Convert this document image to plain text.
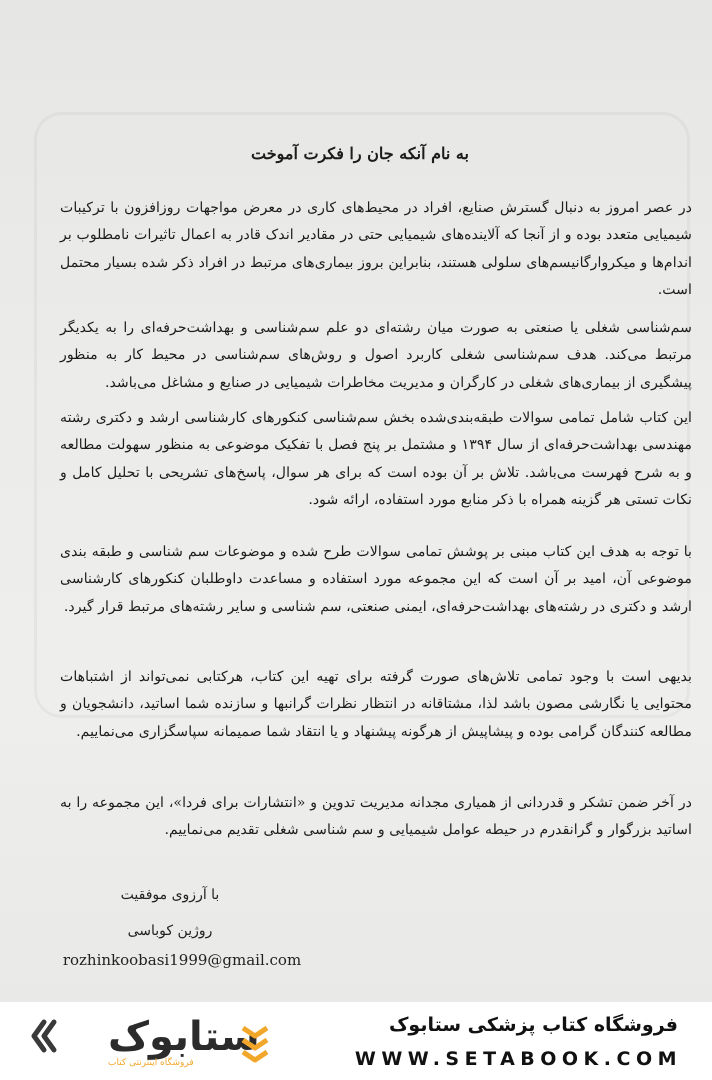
به نام آنکه جان را فکرت آموخت

در عصر امروز به دنبال گسترش صنایع، افراد در محیط‌های کاری در معرض مواجهات روزافزون با ترکیبات شیمیایی متعدد بوده و از آنجا که آلاینده‌های شیمیایی حتی در مقادیر اندک قادر به اعمال تاثیرات نامطلوب بر اندام‌ها و میکروارگانیسم‌های سلولی هستند، بنابراین بروز بیماری‌های مرتبط در افراد ذکر شده بسیار محتمل است.

سم‌شناسی شغلی یا صنعتی به صورت میان رشته‌ای دو علم سم‌شناسی و بهداشت‌حرفه‌ای را به یکدیگر مرتبط می‌کند. هدف سم‌شناسی شغلی کاربرد اصول و روش‌های سم‌شناسی در محیط کار به منظور پیشگیری از بیماری‌های شغلی در کارگران و مدیریت مخاطرات شیمیایی در صنایع و مشاغل می‌باشد.

این کتاب شامل تمامی سوالات طبقه‌بندی‌شده بخش سم‌شناسی کنکورهای کارشناسی ارشد و دکتری رشته مهندسی بهداشت‌حرفه‌ای از سال ۱۳۹۴ و مشتمل بر پنج فصل با تفکیک موضوعی به منظور سهولت مطالعه و به شرح فهرست می‌باشد. تلاش بر آن بوده است که برای هر سوال، پاسخ‌های تشریحی با تحلیل کامل و نکات تستی هر گزینه همراه با ذکر منابع مورد استفاده، ارائه شود.

با توجه به هدف این کتاب مبنی بر پوشش تمامی سوالات طرح شده و موضوعات سم شناسی و طبقه بندی موضوعی آن، امید بر آن است که این مجموعه مورد استفاده و مساعدت داوطلبان کنکورهای کارشناسی ارشد و دکتری در رشته‌های بهداشت‌حرفه‌ای، ایمنی صنعتی، سم شناسی و سایر رشته‌های مرتبط قرار گیرد.

بدیهی است با وجود تمامی تلاش‌های صورت گرفته برای تهیه این کتاب، هرکتابی نمی‌تواند از اشتباهات محتوایی یا نگارشی مصون باشد لذا، مشتاقانه در انتظار نظرات گرانبها و سازنده شما اساتید، دانشجویان و مطالعه کنندگان گرامی بوده و پیشاپیش از هرگونه پیشنهاد و یا انتقاد شما صمیمانه سپاسگزاری می‌نماییم.

در آخر ضمن تشکر و قدردانی از همیاری مجدانه مدیریت تدوین و «انتشارات برای فردا»، این مجموعه را به اساتید بزرگوار و گرانقدرم در حیطه عوامل شیمیایی و سم شناسی شغلی تقدیم می‌نماییم.

با آرزوی موفقیت
روژین کوباسی
rozhinkoobasi1999@gmail.com
ستابوک
فروشگاه اینترنتی کتاب
فروشگاه کتاب پزشکی ستابوک
WWW.SETABOOK.COM
